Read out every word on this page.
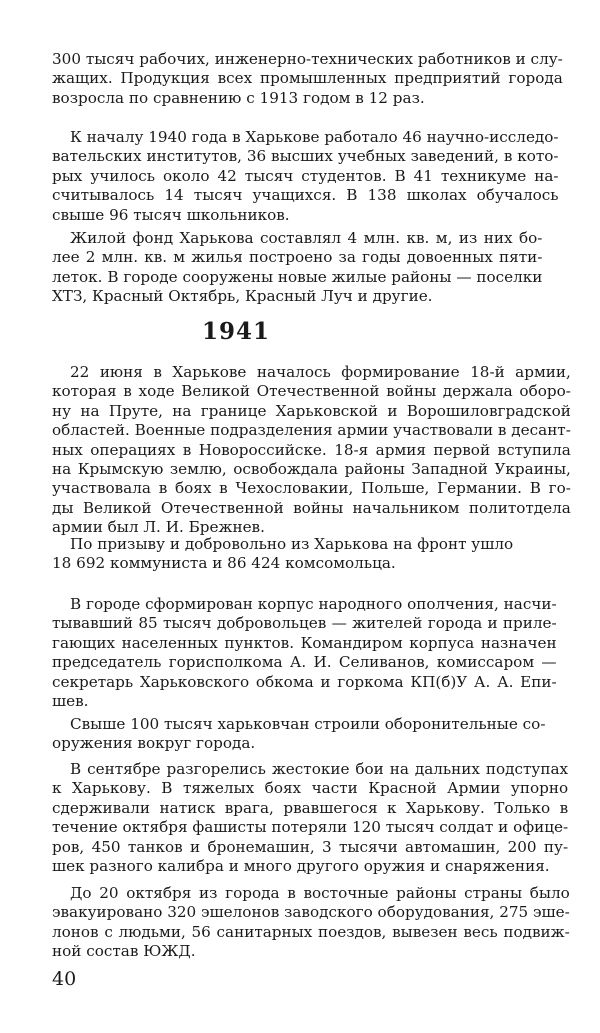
300 тысяч рабочих, инженерно-технических работников и слу-
жащих. Продукция всех промышленных предприятий города
возросла по сравнению с 1913 годом в 12 раз.

К началу 1940 года в Харькове работало 46 научно-исследо-
вательских институтов, 36 высших учебных заведений, в кото-
рых училось около 42 тысяч студентов. В 41 техникуме на-
считывалось 14 тысяч учащихся. В 138 школах обучалось
свыше 96 тысяч школьников.

Жилой фонд Харькова составлял 4 млн. кв. м, из них бо-
лее 2 млн. кв. м жилья построено за годы довоенных пяти-
леток. В городе сооружены новые жилые районы — поселки
ХТЗ, Красный Октябрь, Красный Луч и другие.

1941

22 июня в Харькове началось формирование 18-й армии,
которая в ходе Великой Отечественной войны держала оборо-
ну на Пруте, на границе Харьковской и Ворошиловградской
областей. Военные подразделения армии участвовали в десант-
ных операциях в Новороссийске. 18-я армия первой вступила
на Крымскую землю, освобождала районы Западной Украины,
участвовала в боях в Чехословакии, Польше, Германии. В го-
ды Великой Отечественной войны начальником политотдела
армии был Л. И. Брежнев.

По призыву и добровольно из Харькова на фронт ушло
18 692 коммуниста и 86 424 комсомольца.

В городе сформирован корпус народного ополчения, насчи-
тывавший 85 тысяч добровольцев — жителей города и приле-
гающих населенных пунктов. Командиром корпуса назначен
председатель горисполкома А. И. Селиванов, комиссаром —
секретарь Харьковского обкома и горкома КП(б)У А. А. Епи-
шев.

Свыше 100 тысяч харьковчан строили оборонительные со-
оружения вокруг города.

В сентябре разгорелись жестокие бои на дальних подступах
к Харькову. В тяжелых боях части Красной Армии упорно
сдерживали натиск врага, рвавшегося к Харькову. Только в
течение октября фашисты потеряли 120 тысяч солдат и офице-
ров, 450 танков и бронемашин, 3 тысячи автомашин, 200 пу-
шек разного калибра и много другого оружия и снаряжения.

До 20 октября из города в восточные районы страны было
эвакуировано 320 эшелонов заводского оборудования, 275 эше-
лонов с людьми, 56 санитарных поездов, вывезен весь подвиж-
ной состав ЮЖД.

40
